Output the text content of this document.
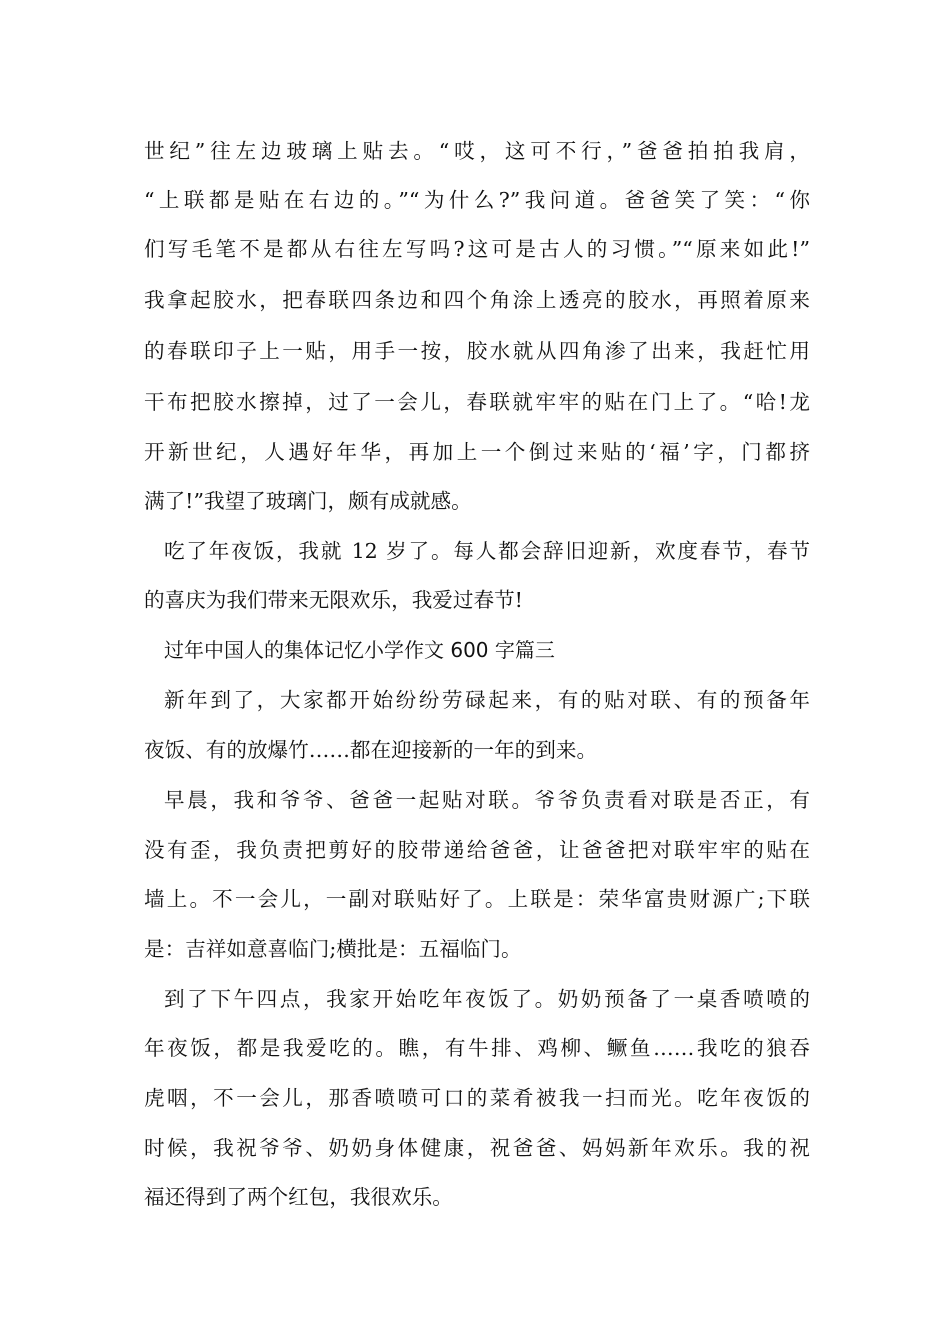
世纪”往左边玻璃上贴去。“哎，这可不行，”爸爸拍拍我肩，
“上联都是贴在右边的。”“为什么?”我问道。爸爸笑了笑：“你
们写毛笔不是都从右往左写吗?这可是古人的习惯。”“原来如此!”
我拿起胶水，把春联四条边和四个角涂上透亮的胶水，再照着原来
的春联印子上一贴，用手一按，胶水就从四角渗了出来，我赶忙用
干布把胶水擦掉，过了一会儿，春联就牢牢的贴在门上了。“哈!龙
开新世纪，人遇好年华，再加上一个倒过来贴的‘福’字，门都挤
满了!”我望了玻璃门，颇有成就感。
吃了年夜饭，我就 12 岁了。每人都会辞旧迎新，欢度春节，春节
的喜庆为我们带来无限欢乐，我爱过春节!
过年中国人的集体记忆小学作文 600 字篇三
新年到了，大家都开始纷纷劳碌起来，有的贴对联、有的预备年
夜饭、有的放爆竹……都在迎接新的一年的到来。
早晨，我和爷爷、爸爸一起贴对联。爷爷负责看对联是否正，有
没有歪，我负责把剪好的胶带递给爸爸，让爸爸把对联牢牢的贴在
墙上。不一会儿，一副对联贴好了。上联是：荣华富贵财源广;下联
是：吉祥如意喜临门;横批是：五福临门。
到了下午四点，我家开始吃年夜饭了。奶奶预备了一桌香喷喷的
年夜饭，都是我爱吃的。瞧，有牛排、鸡柳、鳜鱼……我吃的狼吞
虎咽，不一会儿，那香喷喷可口的菜肴被我一扫而光。吃年夜饭的
时候，我祝爷爷、奶奶身体健康，祝爸爸、妈妈新年欢乐。我的祝
福还得到了两个红包，我很欢乐。
